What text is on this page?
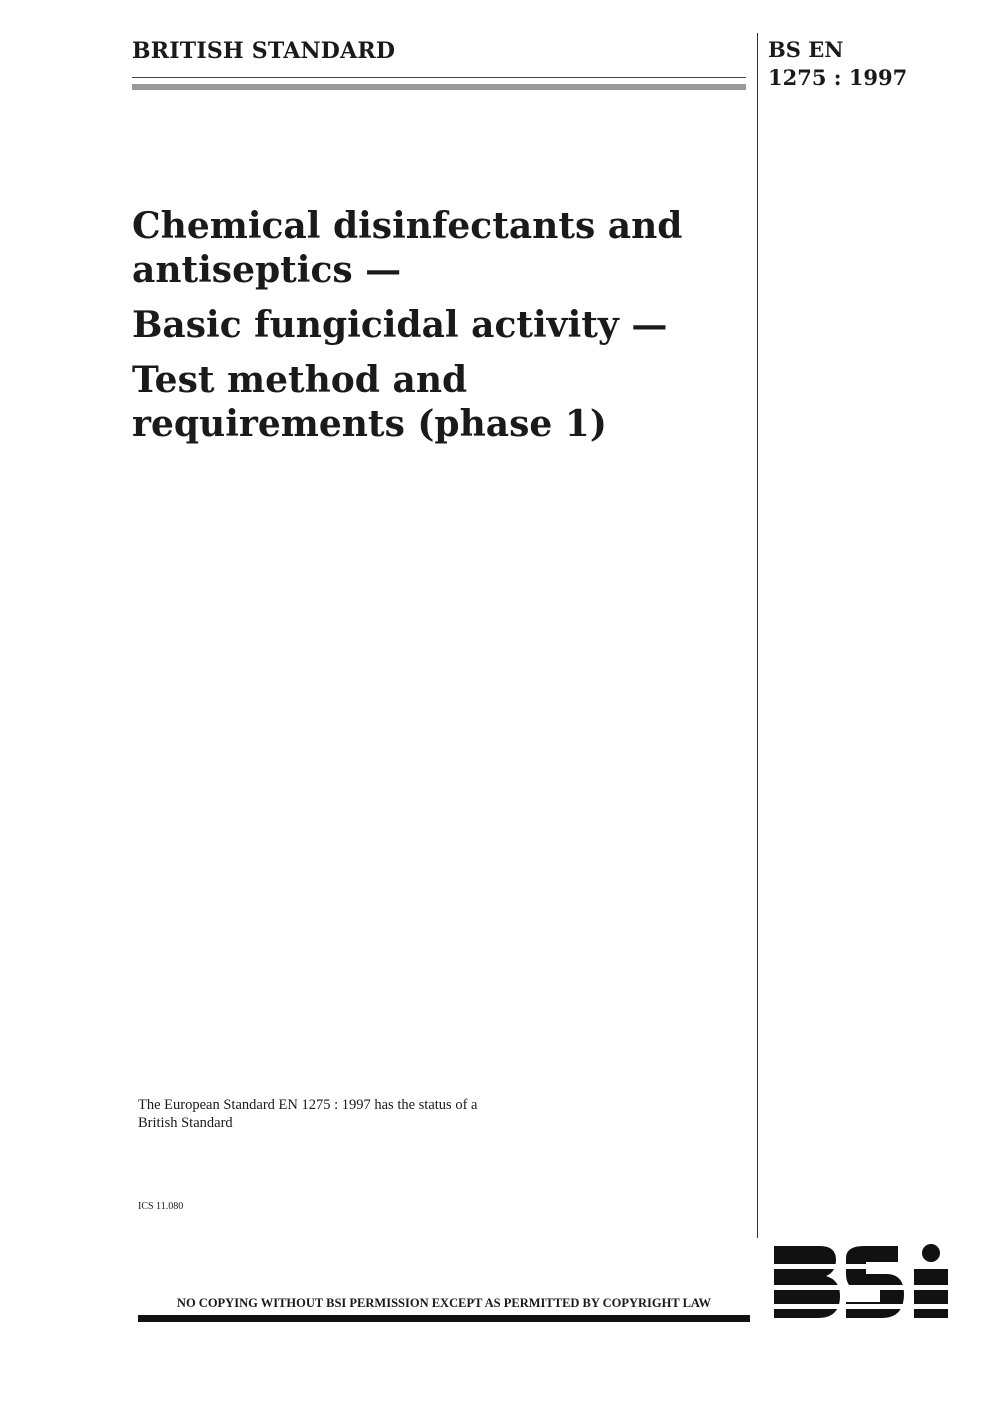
BRITISH STANDARD	BS EN
1275 : 1997
Chemical disinfectants and antiseptics —
Basic fungicidal activity —
Test method and requirements (phase 1)
The European Standard EN 1275 : 1997 has the status of a
British Standard
ICS 11.080
NO COPYING WITHOUT BSI PERMISSION EXCEPT AS PERMITTED BY COPYRIGHT LAW
